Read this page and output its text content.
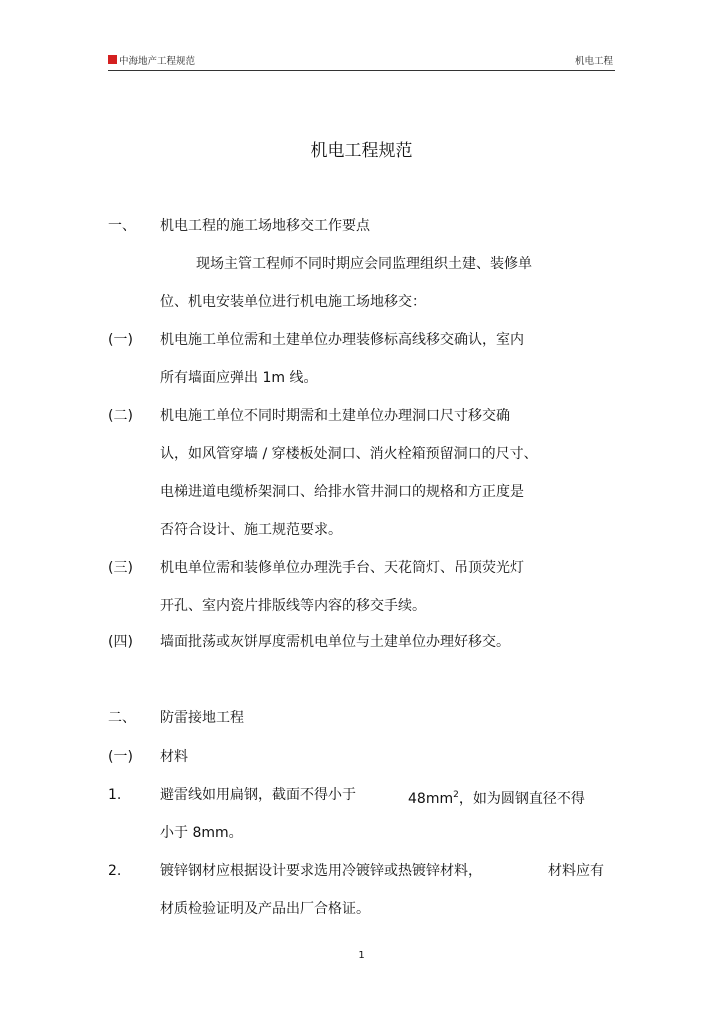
中海地产工程规范	机电工程
机电工程规范
一、 机电工程的施工场地移交工作要点
现场主管工程师不同时期应会同监理组织土建、装修单
位、机电安装单位进行机电施工场地移交：
(一) 机电施工单位需和土建单位办理装修标高线移交确认，室内
所有墙面应弹出 1m 线。
(二) 机电施工单位不同时期需和土建单位办理洞口尺寸移交确
认，如风管穿墙 / 穿楼板处洞口、消火栓箱预留洞口的尺寸、
电梯进道电缆桥架洞口、给排水管井洞口的规格和方正度是
否符合设计、施工规范要求。
(三) 机电单位需和装修单位办理洗手台、天花筒灯、吊顶荧光灯
开孔、室内瓷片排版线等内容的移交手续。
(四) 墙面批荡或灰饼厚度需机电单位与土建单位办理好移交。
二、 防雷接地工程
(一) 材料
1.	避雷线如用扁钢，截面不得小于	$48mm^2$，如为圆钢直径不得
小于 8mm。
2.	镀锌钢材应根据设计要求选用冷镀锌或热镀锌材料，	材料应有
材质检验证明及产品出厂合格证。
1
